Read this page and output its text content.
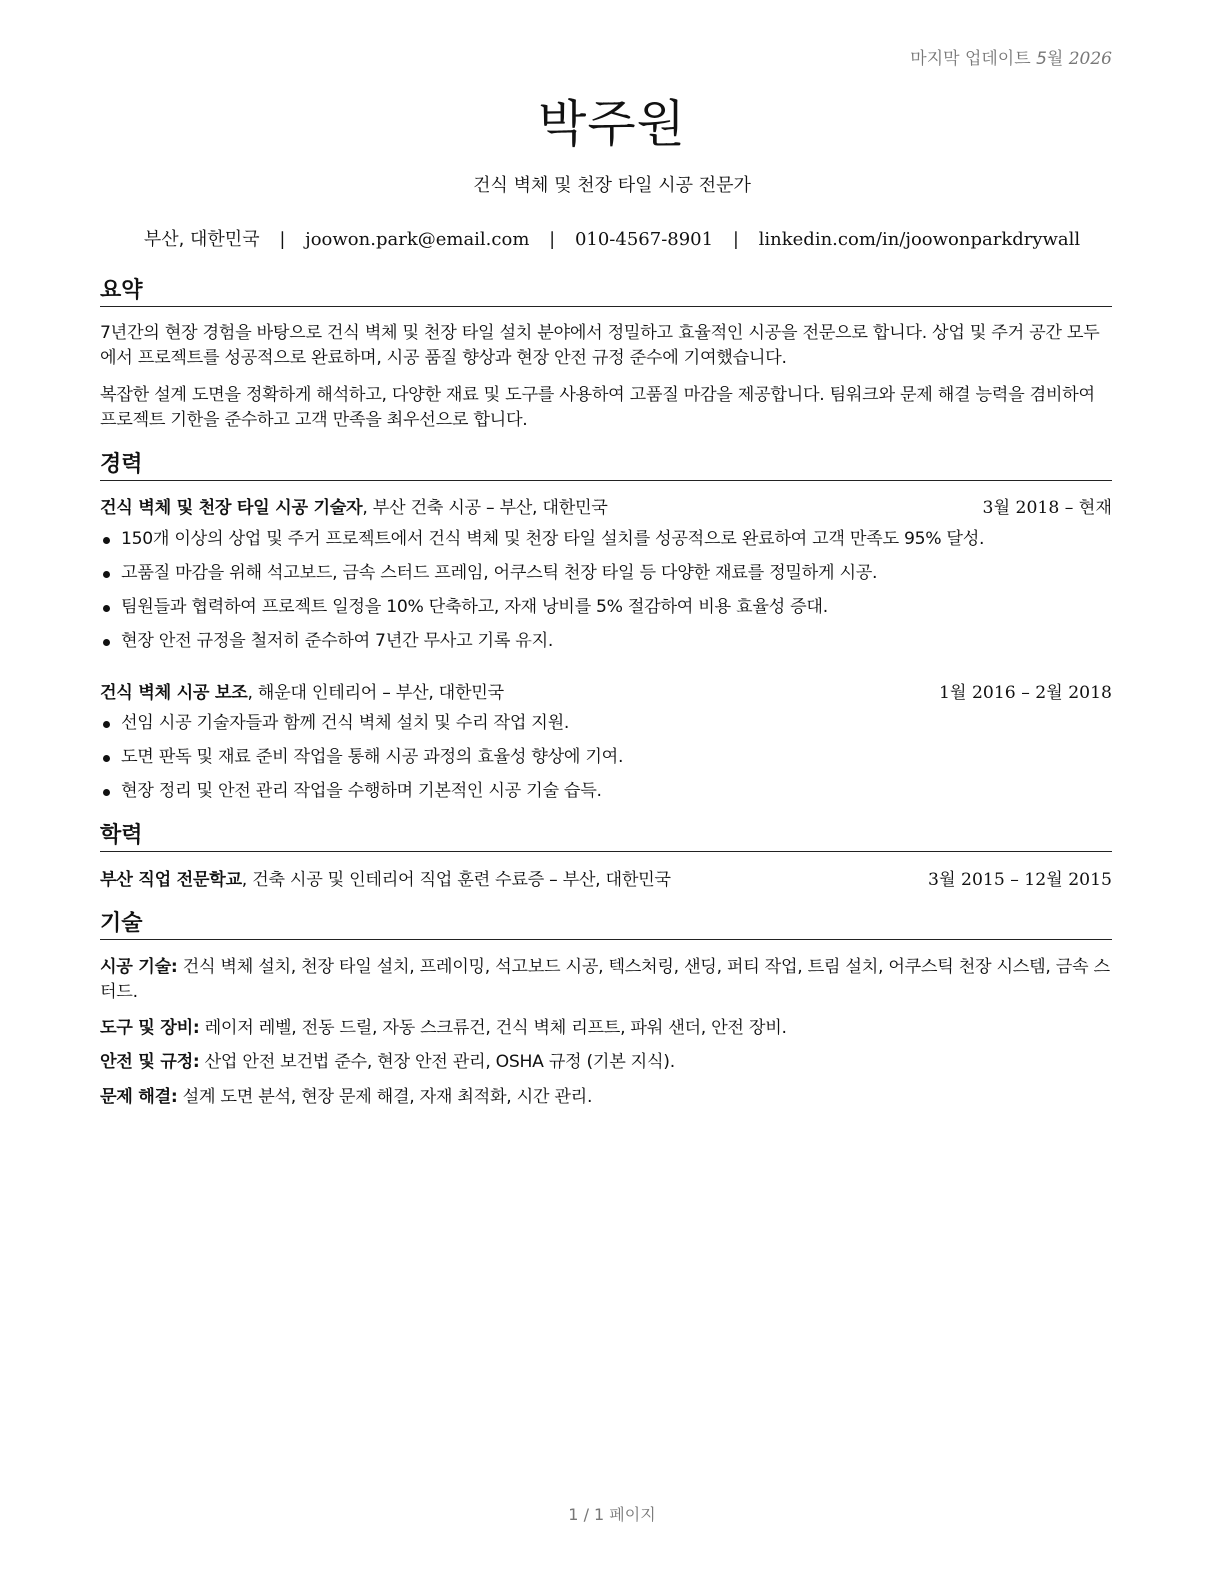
마지막 업데이트 5월 2026
박주원
건식 벽체 및 천장 타일 시공 전문가
부산, 대한민국 | joowon.park@email.com | 010-4567-8901 | linkedin.com/in/joowonparkdrywall
요약

7년간의 현장 경험을 바탕으로 건식 벽체 및 천장 타일 설치 분야에서 정밀하고 효율적인 시공을 전문으로 합니다. 상업 및 주거 공간 모두에서 프로젝트를 성공적으로 완료하며, 시공 품질 향상과 현장 안전 규정 준수에 기여했습니다.

복잡한 설계 도면을 정확하게 해석하고, 다양한 재료 및 도구를 사용하여 고품질 마감을 제공합니다. 팀워크와 문제 해결 능력을 겸비하여 프로젝트 기한을 준수하고 고객 만족을 최우선으로 합니다.

경력
건식 벽체 및 천장 타일 시공 기술자, 부산 건축 시공 – 부산, 대한민국	3월 2018 – 현재
150개 이상의 상업 및 주거 프로젝트에서 건식 벽체 및 천장 타일 설치를 성공적으로 완료하여 고객 만족도 95% 달성.
고품질 마감을 위해 석고보드, 금속 스터드 프레임, 어쿠스틱 천장 타일 등 다양한 재료를 정밀하게 시공.
팀원들과 협력하여 프로젝트 일정을 10% 단축하고, 자재 낭비를 5% 절감하여 비용 효율성 증대.
현장 안전 규정을 철저히 준수하여 7년간 무사고 기록 유지.
건식 벽체 시공 보조, 해운대 인테리어 – 부산, 대한민국	1월 2016 – 2월 2018
선임 시공 기술자들과 함께 건식 벽체 설치 및 수리 작업 지원.
도면 판독 및 재료 준비 작업을 통해 시공 과정의 효율성 향상에 기여.
현장 정리 및 안전 관리 작업을 수행하며 기본적인 시공 기술 습득.
학력
부산 직업 전문학교, 건축 시공 및 인테리어 직업 훈련 수료증 – 부산, 대한민국	3월 2015 – 12월 2015
기술

시공 기술: 건식 벽체 설치, 천장 타일 설치, 프레이밍, 석고보드 시공, 텍스처링, 샌딩, 퍼티 작업, 트림 설치, 어쿠스틱 천장 시스템, 금속 스터드.

도구 및 장비: 레이저 레벨, 전동 드릴, 자동 스크류건, 건식 벽체 리프트, 파워 샌더, 안전 장비.

안전 및 규정: 산업 안전 보건법 준수, 현장 안전 관리, OSHA 규정 (기본 지식).

문제 해결: 설계 도면 분석, 현장 문제 해결, 자재 최적화, 시간 관리.

1 / 1 페이지
